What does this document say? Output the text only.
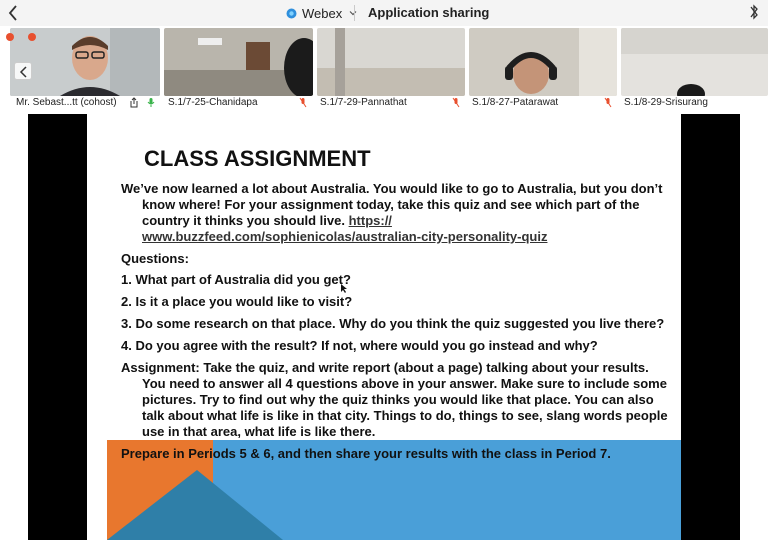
Webex Application sharing
Mr. Sebast...tt (cohost)	S.1/7-25-Chanidapa	S.1/7-29-Pannathat	S.1/8-27-Patarawat	S.1/8-29-Srisurang
CLASS ASSIGNMENT
We’ve now learned a lot about Australia. You would like to go to Australia, but you don’t know where! For your assignment today, take this quiz and see which part of the country it thinks you should live. https:// www.buzzfeed.com/sophienicolas/australian-city-personality-quiz
Questions:
1. What part of Australia did you get?
2. Is it a place you would like to visit?
3. Do some research on that place. Why do you think the quiz suggested you live there?
4. Do you agree with the result? If not, where would you go instead and why?
Assignment: Take the quiz, and write report (about a page) talking about your results. You need to answer all 4 questions above in your answer. Make sure to include some pictures. Try to find out why the quiz thinks you would like that place. You can also talk about what life is like in that city. Things to do, things to see, slang words people use in that area, what life is like there.
Prepare in Periods 5 & 6, and then share your results with the class in Period 7.
